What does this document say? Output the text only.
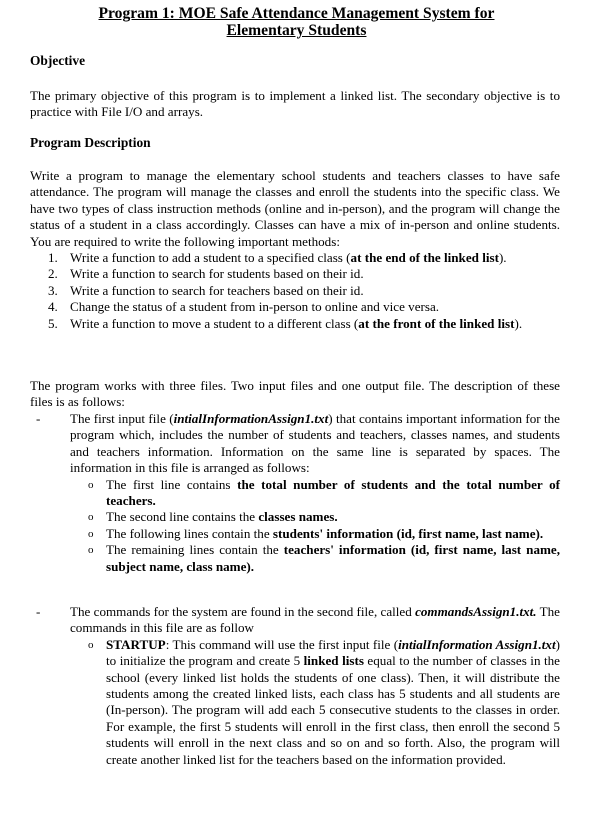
Program 1: MOE Safe Attendance Management System for
Elementary Students
Objective
The primary objective of this program is to implement a linked list. The secondary objective is to practice with File I/O and arrays.
Program Description
Write a program to manage the elementary school students and teachers classes to have safe attendance. The program will manage the classes and enroll the students into the specific class. We have two types of class instruction methods (online and in-person), and the program will change the status of a student in a class accordingly. Classes can have a mix of in-person and online students. You are required to write the following important methods:
1. Write a function to add a student to a specified class (at the end of the linked list).
2. Write a function to search for students based on their id.
3. Write a function to search for teachers based on their id.
4. Change the status of a student from in-person to online and vice versa.
5. Write a function to move a student to a different class (at the front of the linked list).
The program works with three files. Two input files and one output file. The description of these files is as follows:
-	The first input file (intialInformationAssign1.txt) that contains important information for the program which, includes the number of students and teachers, classes names, and students and teachers information. Information on the same line is separated by spaces. The information in this file is arranged as follows:
o The first line contains the total number of students and the total number of teachers.
o The second line contains the classes names.
o The following lines contain the students' information (id, first name, last name).
o The remaining lines contain the teachers' information (id, first name, last name, subject name, class name).
-	The commands for the system are found in the second file, called commandsAssign1.txt. The commands in this file are as follow
o STARTUP: This command will use the first input file (intialInformation Assign1.txt) to initialize the program and create 5 linked lists equal to the number of classes in the school (every linked list holds the students of one class). Then, it will distribute the students among the created linked lists, each class has 5 students and all students are (In-person). The program will add each 5 consecutive students to the classes in order. For example, the first 5 students will enroll in the first class, then enroll the second 5 students will enroll in the next class and so on and so forth. Also, the program will create another linked list for the teachers based on the information provided.
